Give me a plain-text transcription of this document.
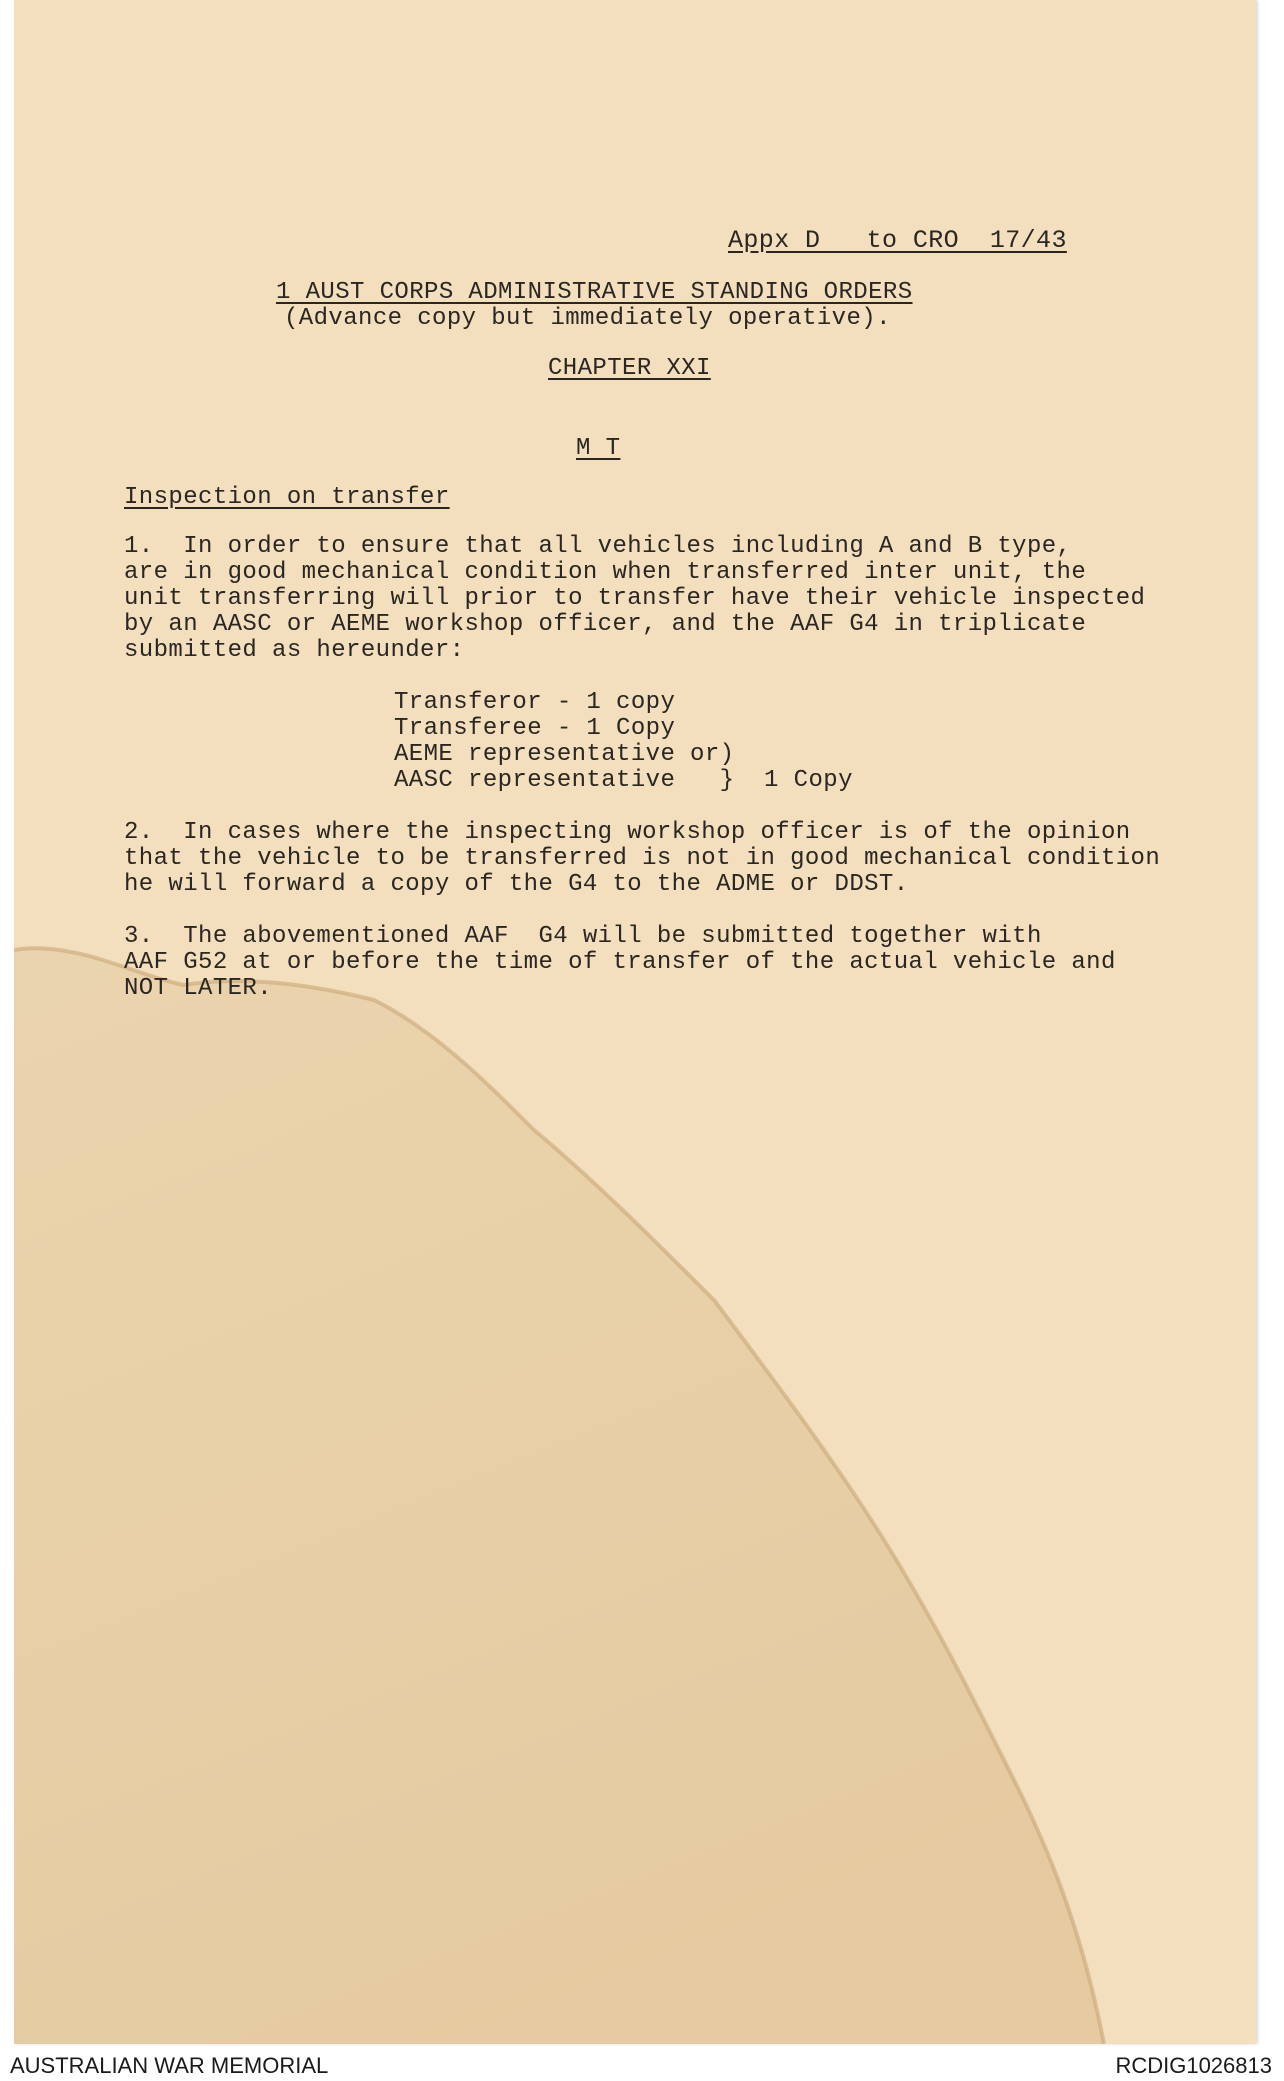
Appx D   to CRO  17/43
1 AUST CORPS ADMINISTRATIVE STANDING ORDERS
(Advance copy but immediately operative).
CHAPTER XXI
M T
Inspection on transfer
1.  In order to ensure that all vehicles including A and B type,
are in good mechanical condition when transferred inter unit, the
unit transferring will prior to transfer have their vehicle inspected
by an AASC or AEME workshop officer, and the AAF G4 in triplicate
submitted as hereunder:
Transferor - 1 copy
Transferee - 1 Copy
AEME representative or)
AASC representative   }  1 Copy
2.  In cases where the inspecting workshop officer is of the opinion
that the vehicle to be transferred is not in good mechanical condition
he will forward a copy of the G4 to the ADME or DDST.
3.  The abovementioned AAF  G4 will be submitted together with
AAF G52 at or before the time of transfer of the actual vehicle and
NOT LATER.
AUSTRALIAN WAR MEMORIAL	RCDIG1026813
